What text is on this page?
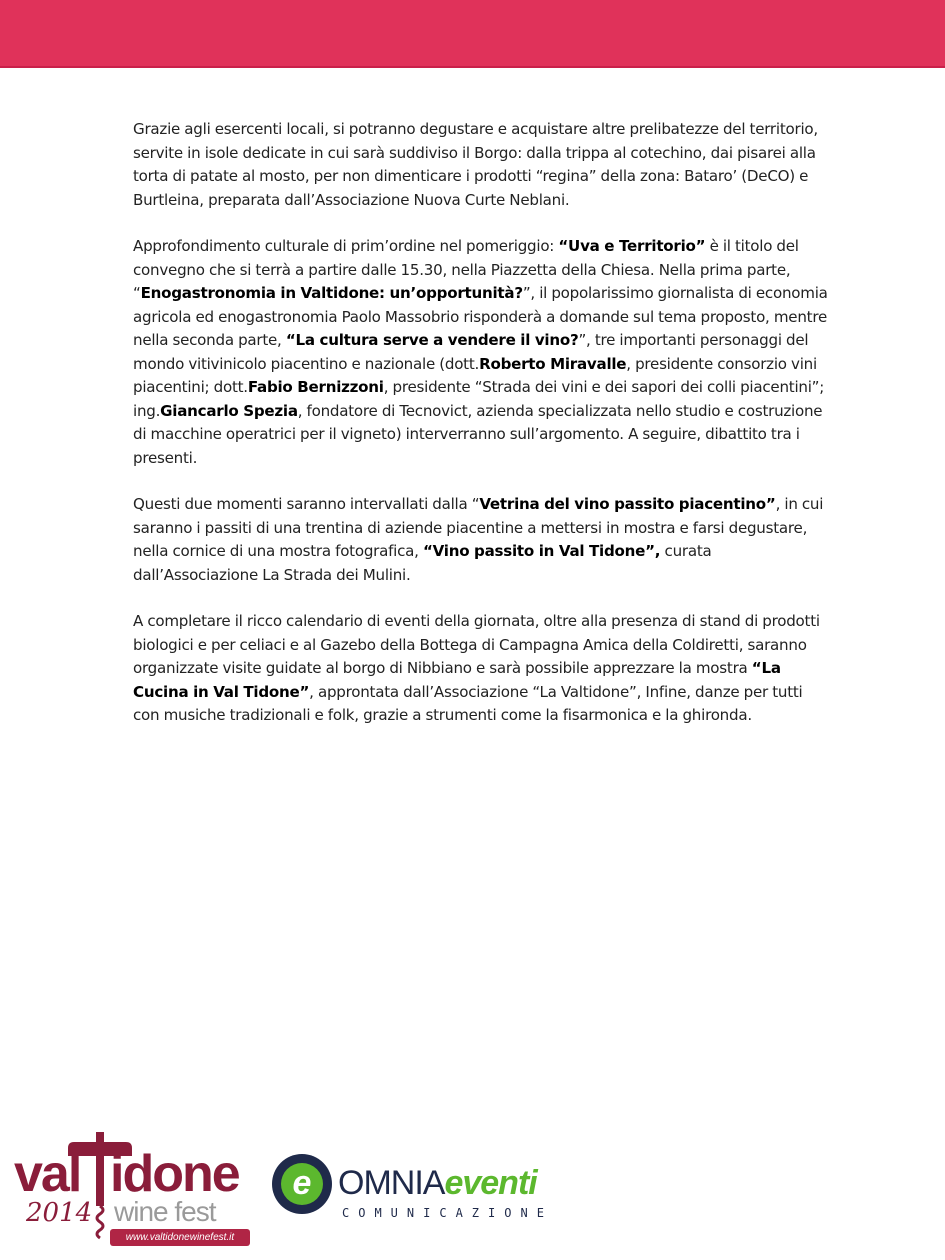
Grazie agli esercenti locali, si potranno degustare e acquistare altre prelibatezze del territorio, servite in isole dedicate in cui sarà suddiviso il Borgo: dalla trippa al cotechino, dai pisarei alla torta di patate al mosto, per non dimenticare i prodotti “regina” della zona: Bataro’ (DeCO) e Burtleina, preparata dall’Associazione Nuova Curte Neblani.

Approfondimento culturale di prim’ordine nel pomeriggio: “Uva e Territorio” è il titolo del convegno che si terrà a partire dalle 15.30, nella Piazzetta della Chiesa. Nella prima parte, “Enogastronomia in Valtidone: un’opportunità?”, il popolarissimo giornalista di economia agricola ed enogastronomia Paolo Massobrio risponderà a domande sul tema proposto, mentre nella seconda parte, “La cultura serve a vendere il vino?”, tre importanti personaggi del mondo vitivinicolo piacentino e nazionale (dott.Roberto Miravalle, presidente consorzio vini piacentini; dott.Fabio Bernizzoni, presidente “Strada dei vini e dei sapori dei colli piacentini”; ing.Giancarlo Spezia, fondatore di Tecnovict, azienda specializzata nello studio e costruzione di macchine operatrici per il vigneto) interverranno sull’argomento. A seguire, dibattito tra i presenti.

Questi due momenti saranno intervallati dalla “Vetrina del vino passito piacentino”, in cui saranno i passiti di una trentina di aziende piacentine a mettersi in mostra e farsi degustare, nella cornice di una mostra fotografica, “Vino passito in Val Tidone”, curata dall’Associazione La Strada dei Mulini.

A completare il ricco calendario di eventi della giornata, oltre alla presenza di stand di prodotti biologici e per celiaci e al Gazebo della Bottega di Campagna Amica della Coldiretti, saranno organizzate visite guidate al borgo di Nibbiano e sarà possibile apprezzare la mostra “La Cucina in Val Tidone”, approntata dall’Associazione “La Valtidone”, Infine, danze per tutti con musiche tradizionali e folk, grazie a strumenti come la fisarmonica e la ghironda.

val idone
2014 wine fest
www.valtidonewinefest.it
e OMNIAeventi
COMUNICAZIONE
